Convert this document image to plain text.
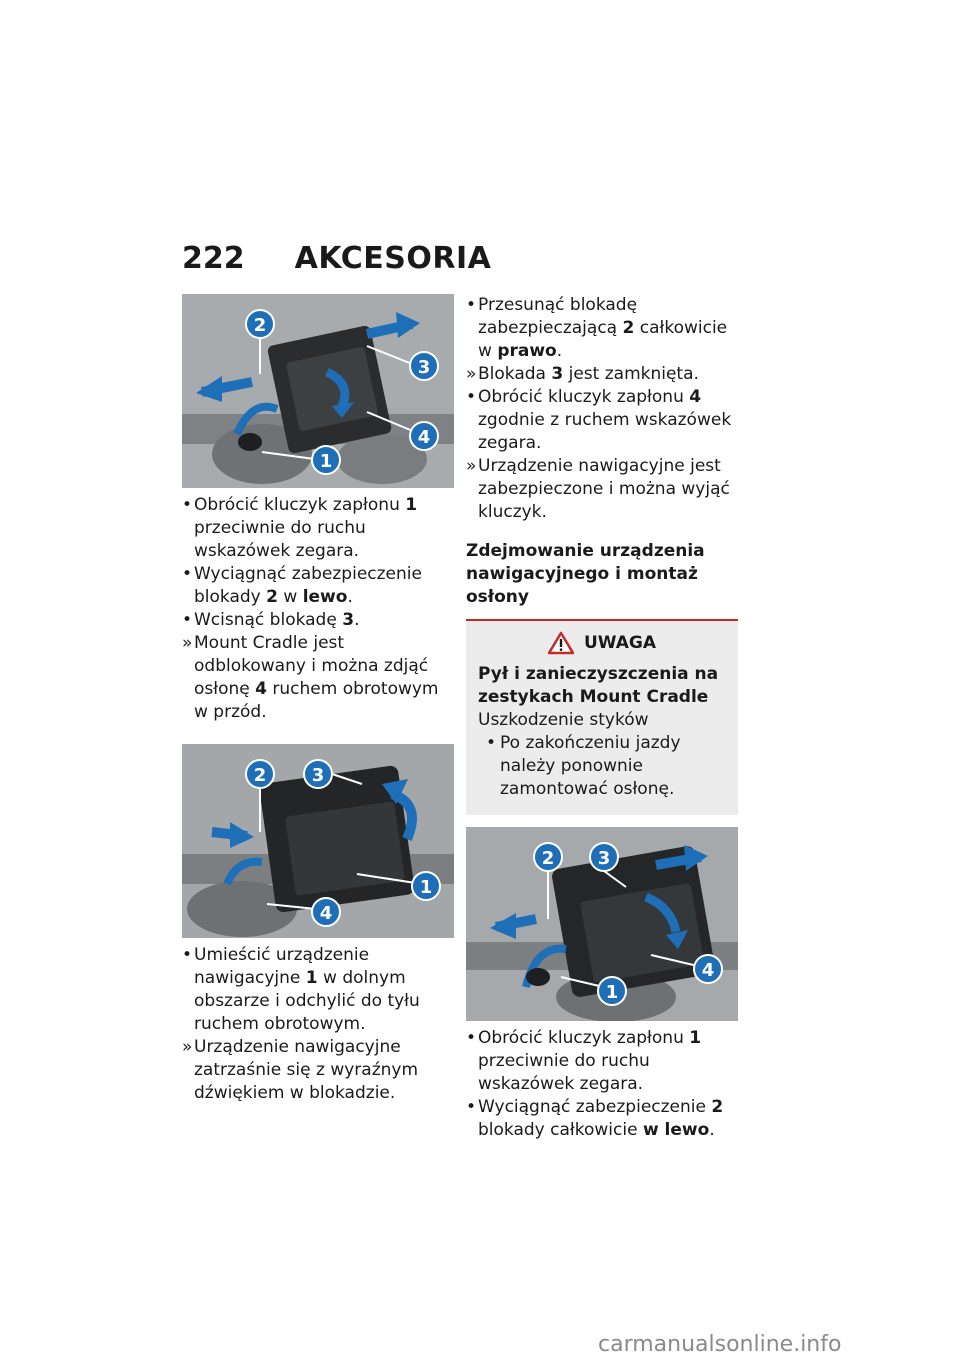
222 AKCESORIA
2
3
4
1
• Obrócić kluczyk zapłonu 1 przeciwnie do ruchu wskazówek zegara.
• Wyciągnąć zabezpieczenie blokady 2 w lewo.
• Wcisnąć blokadę 3.
» Mount Cradle jest odblokowany i można zdjąć osłonę 4 ruchem obrotowym w przód.
2	3
1
4
• Umieścić urządzenie nawigacyjne 1 w dolnym obszarze i odchylić do tyłu ruchem obrotowym.
» Urządzenie nawigacyjne zatrzaśnie się z wyraźnym dźwiękiem w blokadzie.
• Przesunąć blokadę zabezpieczającą 2 całkowicie w prawo.
» Blokada 3 jest zamknięta.
• Obrócić kluczyk zapłonu 4 zgodnie z ruchem wskazówek zegara.
» Urządzenie nawigacyjne jest zabezpieczone i można wyjąć kluczyk.
Zdejmowanie urządzenia nawigacyjnego i montaż osłony
UWAGA
Pył i zanieczyszczenia na zestykach Mount Cradle
Uszkodzenie styków
• Po zakończeniu jazdy należy ponownie zamontować osłonę.
2 3
4
1
• Obrócić kluczyk zapłonu 1 przeciwnie do ruchu wskazówek zegara.
• Wyciągnąć zabezpieczenie 2 blokady całkowicie w lewo.
carmanualsonline.info
